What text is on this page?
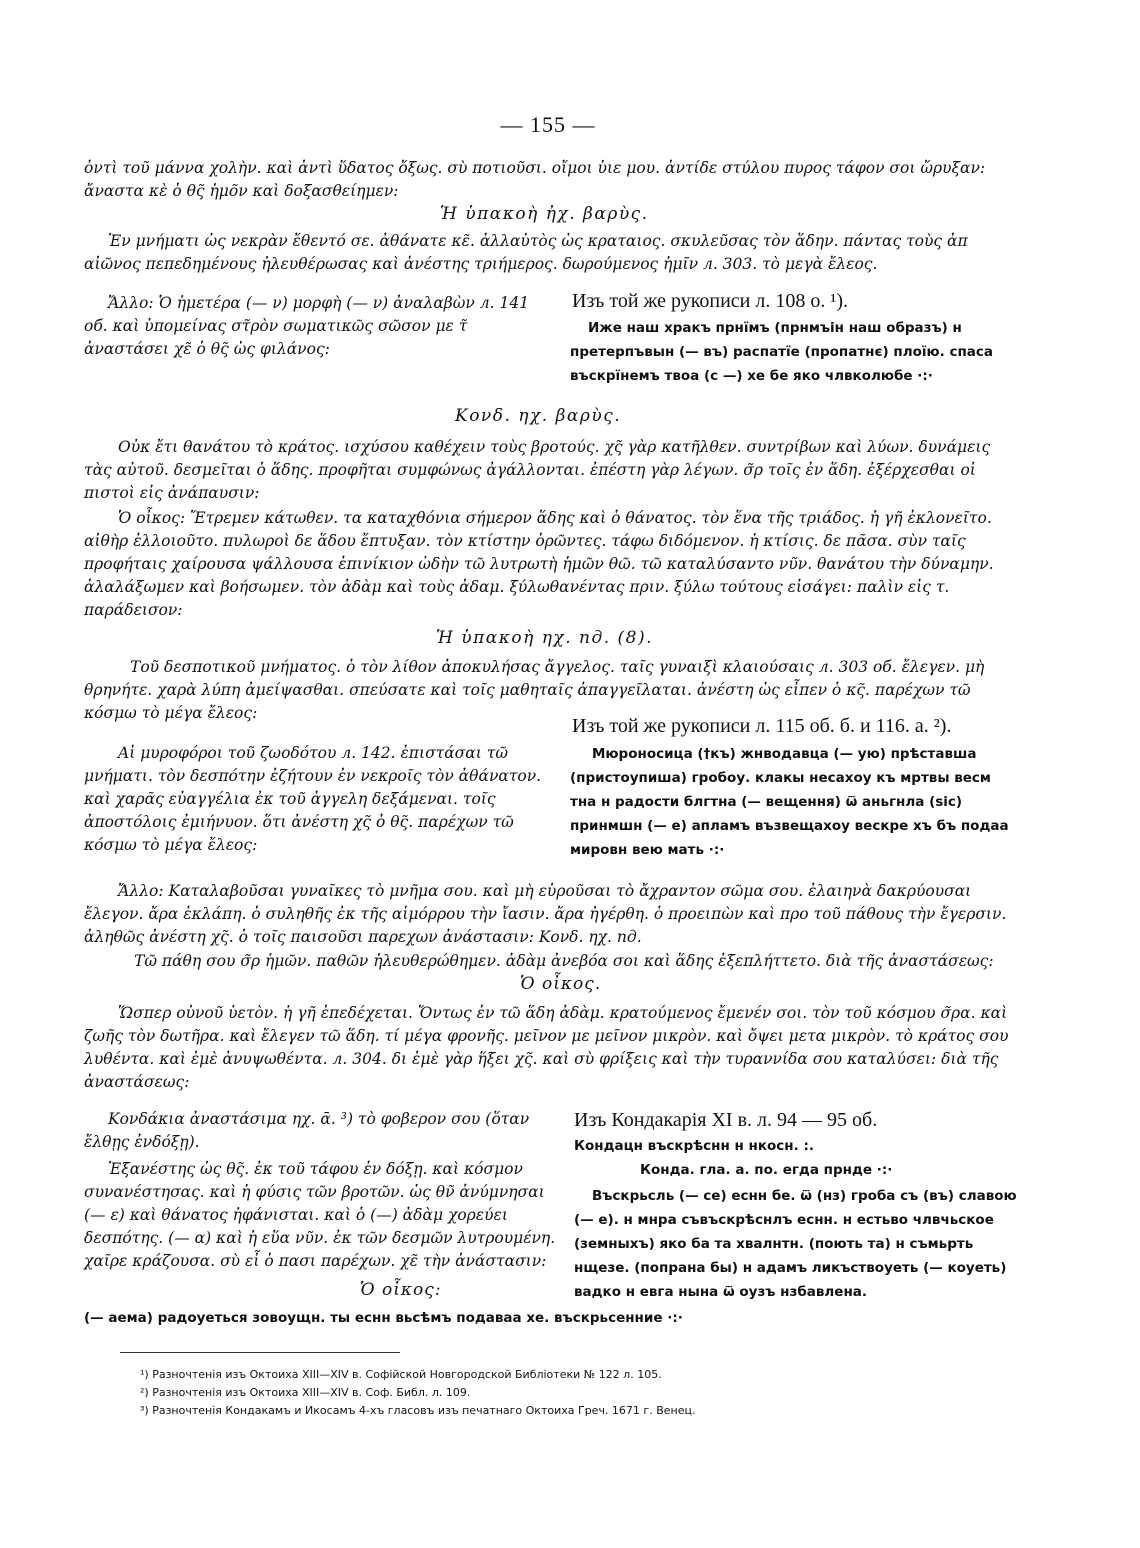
— 155 —

ὀντὶ τοῦ μάννα χολὴν. καὶ ἀντὶ ὕδατος ὄξως. σὺ ποτιοῦσι. οἴμοι ὑιε μου. ἀντίδε στύλου πυρος τάφον σοι ὤρυξαν: ἄναστα κὲ ὁ θς̃ ἡμο̃ν καὶ δοξασθείημεν:

Ἡ ὑπακοὴ ἠχ. βαρὺς.

Ἐν μνήματι ὡς νεκρὰν ἔθεντό σε. ἀθάνατε κε̃. ἀλλαὐτὸς ὡς κραταιος. σκυλεῦσας τὸν ἅδην. πάντας τοὺς ἀπ αἰῶνος πεπεδημένους ἠλευθέρωσας καὶ ἀνέστης τριήμερος. δωρούμενος ἡμῖν л. 303. τὸ μεγὰ ἔλεος.

Ἄλλο: Ὁ ἡμετέρα (— ν) μορφὴ (— ν) ἀναλαβὼν л. 141 об. καὶ ὑπομείνας στ̃ρὸν σωματικῶς σῶσον με τ̃ ἀναστάσει χε̃ ὁ θς̃ ὡς φιλάνος:

Изъ той же рукописи л. 108 о. ¹).

Иже наш хракъ прнїмъ (прнмъін наш образъ) н претерпъвын (— въ) распатїе (пропатнє) плоїю. спаса въскрїнемъ твоа (с —) хе бе яко члвколюбе ·:·

Κονδ. ηχ. βαρὺς.

Οὐκ ἔτι θανάτου τὸ κράτος. ισχύσου καθέχειν τοὺς βροτούς. χς̃ γὰρ κατῆλθεν. συντρίβων καὶ λύων. δυνάμεις τὰς αὐτοῦ. δεσμεῖται ὁ ἅδης. προφῆται συμφώνως ἀγάλλονται. ἐπέστη γὰρ λέγων. σ̃ρ τοῖς ἐν ἅδη. ἐξέρχεσθαι οἱ πιστοὶ εἰς ἀνάπαυσιν:

Ὁ οἶκος: Ἔτρεμεν κάτωθεν. τα καταχθόνια σήμερον ἅδης καὶ ὁ θάνατος. τὸν ἕνα τῆς τριάδος. ἡ γῆ ἐκλονεῖτο. αἰθὴρ ἐλλοιοῦτο. πυλωροὶ δε ἅδου ἔπτυξαν. τὸν κτίστην ὁρῶντες. τάφω διδόμενον. ἡ κτίσις. δε πᾶσα. σὺν ταῖς προφήταις χαίρουσα ψάλλουσα ἐπινίκιον ὠδὴν τῶ λυτρωτὴ ἡμῶν θῶ. τῶ καταλύσαντο νῦν. θανάτου τὴν δύναμην. ἀλαλάξωμεν καὶ βοήσωμεν. τὸν ἀδὰμ καὶ τοὺς ἀδαμ. ξύλωθανέντας πριν. ξύλω τούτους εἰσάγει: παλὶν εἰς τ. παράδεισον:

Ἡ ὑπακοὴ ηχ. пд. (8).

Τοῦ δεσποτικοῦ μνήματος. ὁ τὸν λίθον ἀποκυλήσας ἄγγελος. ταῖς γυναιξὶ κλαιούσαις л. 303 об. ἔλεγεν. μὴ θρηνήτε. χαρὰ λύπη ἀμείψασθαι. σπεύσατε καὶ τοῖς μαθηταῖς ἀπαγγεῖλαται. ἀνέστη ὡς εἶπεν ὁ κς̃. παρέχων τῶ κόσμω τὸ μέγα ἔλεος:

Изъ той же рукописи л. 115 об. б. и 116. а. ²).

Αἱ μυροφόροι τοῦ ζωοδότου л. 142. ἐπιστάσαι τῶ μνήματι. τὸν δεσπότην ἐζήτουν ἐν νεκροῖς τὸν ἀθάνατον. καὶ χαρᾶς εὐαγγέλια ἐκ τοῦ ἀγγελη δεξάμεναι. τοῖς ἀποστόλοις ἐμιήνυον. ὅτι ἀνέστη χς̃ ὁ θς̃. παρέχων τῶ κόσμω τὸ μέγα ἔλεος:

Мюроносица (†къ) жнводавца (— ую) прѣставша (пристоупиша) гробоу. клакы несахоу къ мртвы весм тна н радости блгтна (— вещення) ѿ аньгнла (sic) принмшн (— е) апламъ възвещахоу вескре хъ бъ подаа мировн вею мать ·:·

Ἄλλο: Καταλαβοῦσαι γυναῖκες τὸ μνῆμα σου. καὶ μὴ εὑροῦσαι τὸ ἄχραντον σῶμα σου. ἐλαιηνὰ δακρύουσαι ἔλεγον. ἄρα ἐκλάπη. ὁ συληθῆς ἐκ τῆς αἱμόρρου τὴν ἴασιν. ἄρα ἠγέρθη. ὁ προειπὼν καὶ προ τοῦ πάθους τὴν ἔγερσιν. ἀληθῶς ἀνέστη χς̃. ὁ τοῖς παισοῦσι παρεχων ἀνάστασιν: Κονδ. ηχ. пд.

Τῶ πάθη σου σ̃ρ ἡμῶν. παθῶν ἠλευθερώθημεν. ἀδὰμ ἀνεβόα σοι καὶ ἅδης ἐξεπλήττετο. διὰ τῆς ἀναστάσεως:

Ὁ οἶκος.

Ὥσπερ οὐνοῦ ὑετὸν. ἡ γῆ ἐπεδέχεται. Ὄντως ἐν τῶ ἅδη ἀδὰμ. κρατούμενος ἔμενέν σοι. τὸν τοῦ κόσμου σ̃ρα. καὶ ζωῆς τὸν δωτῆρα. καὶ ἔλεγεν τῶ ἅδη. τί μέγα φρονῆς. μεῖνον με μεῖνον μικρὸν. καὶ ὄψει μετα μικρὸν. τὸ κράτος σου λυθέντα. καὶ ἐμὲ ἀνυψωθέντα. л. 304. δι ἐμὲ γὰρ ἥξει χς̃. καὶ σὺ φρίξεις καὶ τὴν τυραννίδα σου καταλύσει: διὰ τῆς ἀναστάσεως:

Κονδάκια ἀναστάσιμα ηχ. ᾱ. ³) τὸ φοβερον σου (ὅταν ἔλθῃς ἐνδόξῃ).

Ἐξανέστης ὡς θς̃. ἐκ τοῦ τάφου ἐν δόξῃ. καὶ κόσμον συνανέστησας. καὶ ἡ φύσις τῶν βροτῶν. ὡς θν̃ ἀνύμνησαι (— ε) καὶ θάνατος ἠφάνισται. καὶ ὁ (—) ἀδὰμ χορεύει δεσπότης. (— α) καὶ ἡ εὕα νῦν. ἐκ τῶν δεσμῶν λυτρουμένη. χαῖρε κράζουσα. σὺ εἶ ὁ πασι παρέχων. χε̃ τὴν ἀνάστασιν:

Ὁ οἶκος:
Изъ Кондакарія XI в. л. 94 — 95 об.

Кондацн въскрѣснн н нкосн. :.

Конда. гла. а. по. егда прнде ·:·

Въскрьсль (— се) еснн бе. ѿ (нз) гроба съ (въ) славою (— е). н мнра съвъскрѣснлъ еснн. н естьво члвчьское (земныхъ) яко ба та хвалнтн. (поють та) н съмьрть нщезе. (попрана бы) н адамъ ликъствоуеть (— коуеть) вадко н евга нына ѿ оузъ нзбавлена.

(— аема) радоуеться зовоущн. ты еснн вьсѣмъ подаваа хе. въскрьсенние ·:·

¹) Разночтенія изъ Октоиха XIII—XIV в. Софійской Новгородской Библіотеки № 122 л. 105.
²) Разночтенія изъ Октоиха XIII—XIV в. Соф. Библ. л. 109.
³) Разночтенія Кондакамъ и Икосамъ 4-хъ гласовъ изъ печатнаго Октоиха Греч. 1671 г. Венец.
